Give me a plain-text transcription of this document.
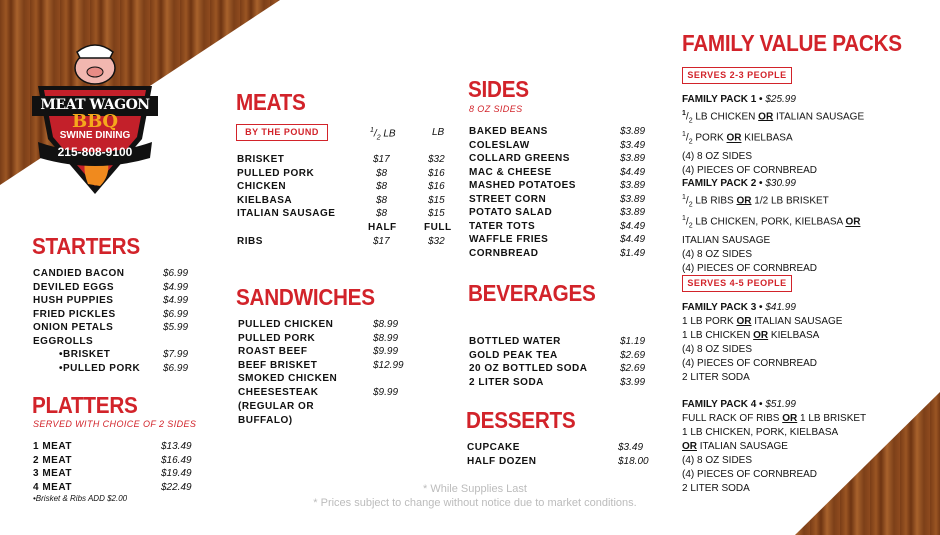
MEAT WAGON
BBQ
SWINE DINING
215-808-9100
STARTERS
CANDIED BACON	$6.99
DEVILED EGGS	$4.99
HUSH PUPPIES	$4.99
FRIED PICKLES	$6.99
ONION PETALS	$5.99
EGGROLLS
•BRISKET	$7.99
•PULLED PORK $6.99
PLATTERS
SERVED WITH CHOICE OF 2 SIDES
1 MEAT	$13.49
2 MEAT	$16.49
3 MEAT	$19.49
4 MEAT	$22.49
•Brisket & Ribs ADD $2.00
MEATS
BY THE POUND	$^1/_2$ LB	LB
BRISKET	$17	$32
PULLED PORK	$8	$16
CHICKEN	$8	$16
KIELBASA	$8	$15
ITALIAN SAUSAGE	$8	$15
HALF	FULL
RIBS	$17	$32
SANDWICHES
PULLED CHICKEN	$8.99
PULLED PORK	$8.99
ROAST BEEF	$9.99
BEEF BRISKET	$12.99
SMOKED CHICKEN
CHEESESTEAK	$9.99
(REGULAR OR
BUFFALO)
SIDES
8 OZ SIDES
BAKED BEANS	$3.89
COLESLAW	$3.49
COLLARD GREENS	$3.89
MAC & CHEESE	$4.49
MASHED POTATOES	$3.89
STREET CORN	$3.89
POTATO SALAD	$3.89
TATER TOTS	$4.49
WAFFLE FRIES	$4.49
CORNBREAD	$1.49
BEVERAGES
BOTTLED WATER	$1.19
GOLD PEAK TEA	$2.69
20 OZ BOTTLED SODA	$2.69
2 LITER SODA	$3.99
DESSERTS
CUPCAKE	$3.49
HALF DOZEN	$18.00
* While Supplies Last
* Prices subject to change without notice due to market conditions.
FAMILY VALUE PACKS
SERVES 2-3 PEOPLE
FAMILY PACK 1 • $25.99
$^1/_2$ LB CHICKEN OR ITALIAN SAUSAGE
$^1/_2$ PORK OR KIELBASA
(4) 8 OZ SIDES
(4) PIECES OF CORNBREAD
FAMILY PACK 2 • $30.99
$^1/_2$ LB RIBS OR 1/2 LB BRISKET
$^1/_2$ LB CHICKEN, PORK, KIELBASA OR
ITALIAN SAUSAGE
(4) 8 OZ SIDES
(4) PIECES OF CORNBREAD
SERVES 4-5 PEOPLE
FAMILY PACK 3 • $41.99
1 LB PORK OR ITALIAN SAUSAGE
1 LB CHICKEN OR KIELBASA
(4) 8 OZ SIDES
(4) PIECES OF CORNBREAD
2 LITER SODA
FAMILY PACK 4 • $51.99
FULL RACK OF RIBS OR 1 LB BRISKET
1 LB CHICKEN, PORK, KIELBASA
OR ITALIAN SAUSAGE
(4) 8 OZ SIDES
(4) PIECES OF CORNBREAD
2 LITER SODA
